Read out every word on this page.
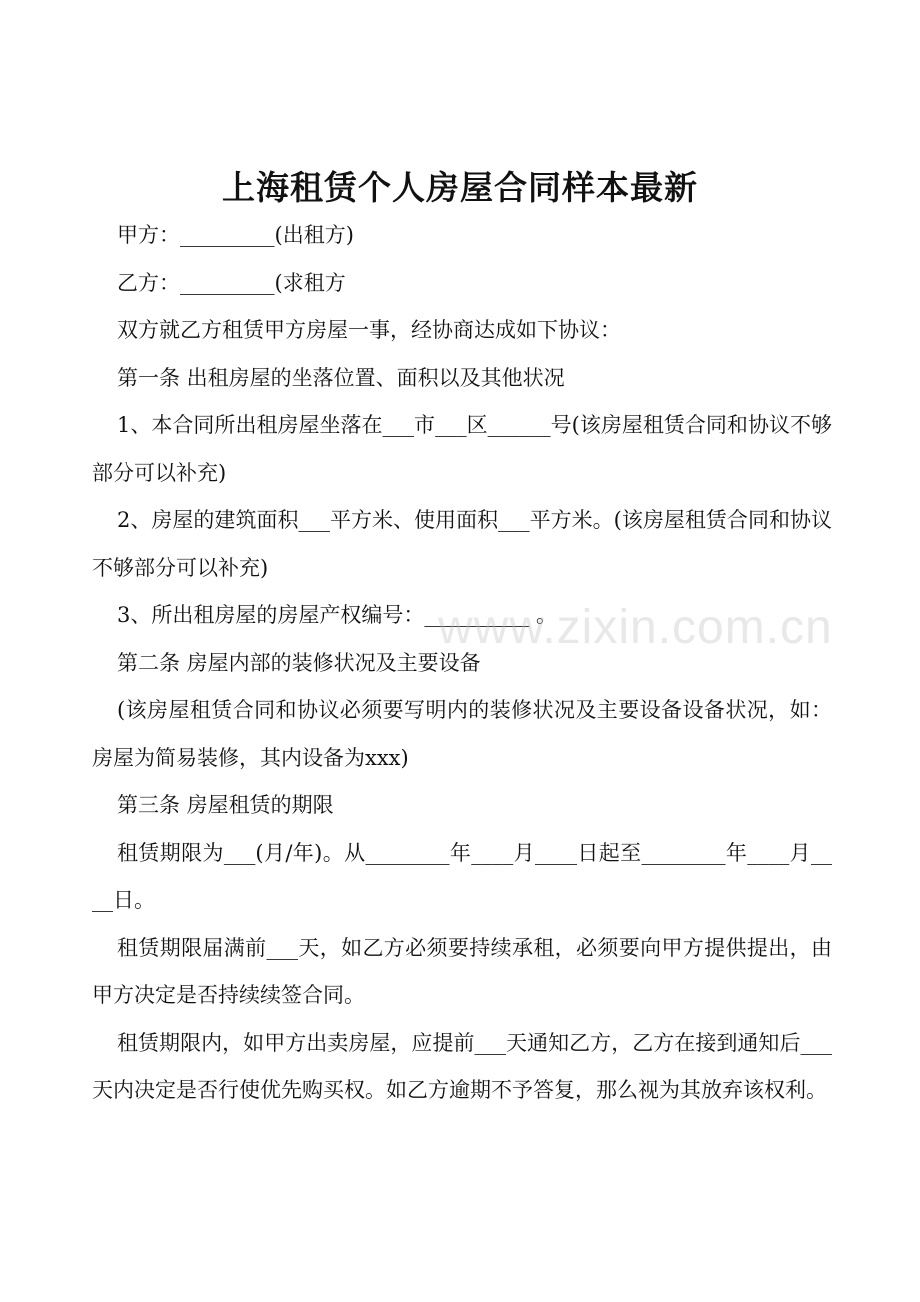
上海租赁个人房屋合同样本最新

甲方：_________(出租方)

乙方：_________(求租方

双方就乙方租赁甲方房屋一事，经协商达成如下协议：

第一条 出租房屋的坐落位置、面积以及其他状况

1、本合同所出租房屋坐落在___市___区______号(该房屋租赁合同和协议不够部分可以补充)

2、房屋的建筑面积___平方米、使用面积___平方米。(该房屋租赁合同和协议不够部分可以补充)

3、所出租房屋的房屋产权编号：__________ 。

第二条 房屋内部的装修状况及主要设备

(该房屋租赁合同和协议必须要写明内的装修状况及主要设备设备状况，如：房屋为简易装修，其内设备为xxx)

第三条 房屋租赁的期限

租赁期限为___(月/年)。从________年____月____日起至________年____月____日。

租赁期限届满前___天，如乙方必须要持续承租，必须要向甲方提供提出，由甲方决定是否持续续签合同。

租赁期限内，如甲方出卖房屋，应提前___天通知乙方，乙方在接到通知后___天内决定是否行使优先购买权。如乙方逾期不予答复，那么视为其放弃该权利。

www.zixin.com.cn
